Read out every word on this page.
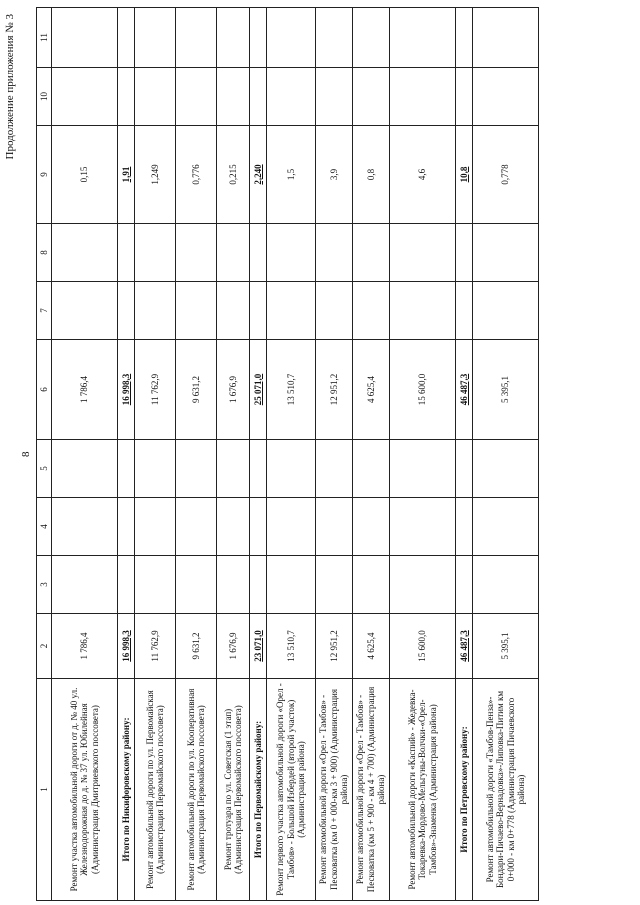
8
Продолжение приложения № 3
1	2	3	4	5	6	7	8	9	10	11
Ремонт участка автомобильной дороги от д. № 40 ул. Железнодорожная до д. № 37 ул. Юбилейная (Администрация Дмитриевского поссовета)	1 786,4				1 786,4			0,15		
Итого по Никифоровскому району:	16 998,3				16 998,3			1,91		
Ремонт автомобильной дороги по ул. Первомайская (Администрация Первомайского поссовета)	11 762,9				11 762,9			1,249		
Ремонт автомобильной дороги по ул. Кооперативная (Администрация Первомайского поссовета)	9 631,2				9 631,2			0,776		
Ремонт тротуара по ул. Советская (1 этап) (Администрация Первомайского поссовета)	1 676,9				1 676,9			0,215		
Итого по Первомайскому району:	23 071,0				25 071,0			2,240		
Ремонт первого участка автомобильной дороги «Орел - Тамбов» - Большой Избердей (второй участок) (Администрация района)	13 510,7				13 510,7			1,5		
Ремонт автомобильной дороги «Орел - Тамбов» - Песковатка (км 0 + 000-км 3 + 900) (Администрация района)	12 951,2				12 951,2			3,9		
Ремонт автомобильной дороги «Орел - Тамбов» - Песковатка (км 5 + 900 - км 4 + 700) (Администрация района)	4 625,4				4 625,4			0,8		
Ремонт автомобильной дороги «Каспий» - Жедевка-Токаревка-Мордово-Мельгуны-Волчки-«Орел-Тамбов»-Знаменка (Администрация района)	15 600,0				15 600,0			4,6		
Итого по Петровскому району:	46 487,3				46 487,3			10,8		
Ремонт автомобильной дороги «Тамбов-Пенза»-Бондари-Пичаево-Вернадовка»-Липовка-Питим км 0+000 - км 0+778 (Администрация Пичаевского района)	5 395,1				5 395,1			0,778		
